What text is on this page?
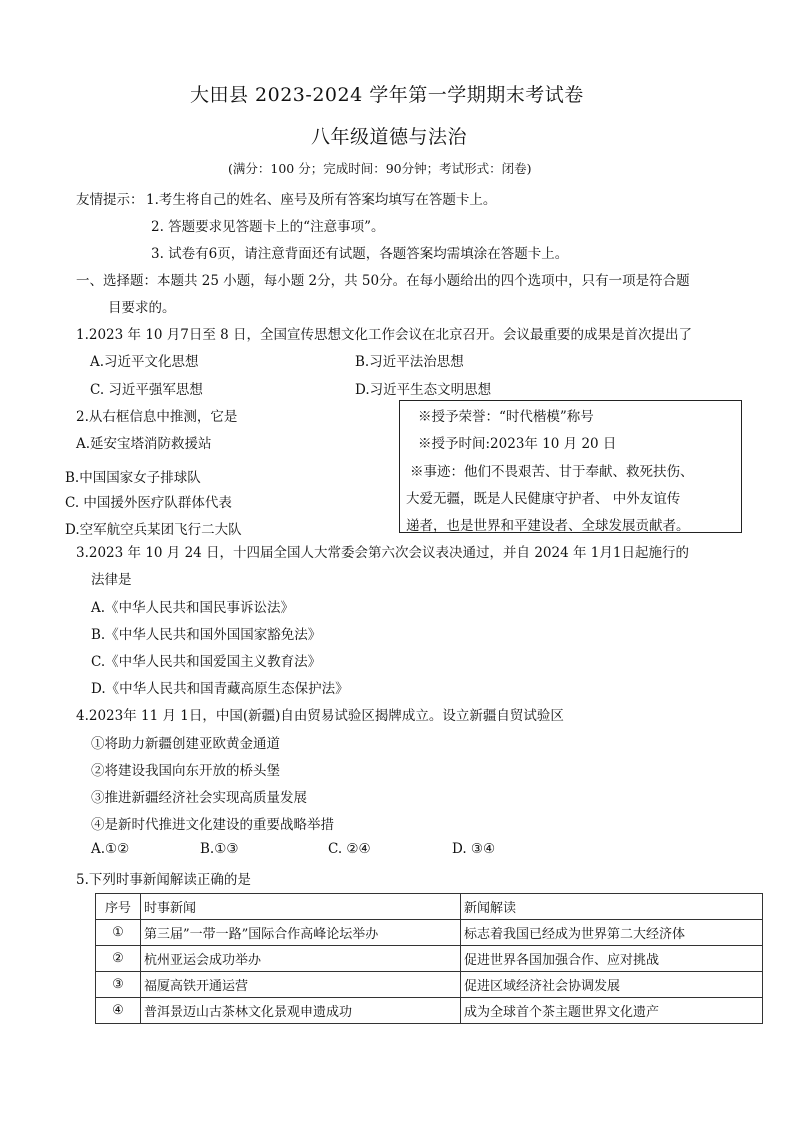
大田县 2023-2024 学年第一学期期末考试卷
八年级道德与法治
(满分：100 分；完成时间：90分钟；考试形式：闭卷)
友情提示： 1.考生将自己的姓名、座号及所有答案均填写在答题卡上。
2. 答题要求见答题卡上的“注意事项”。
3. 试卷有6页，请注意背面还有试题，各题答案均需填涂在答题卡上。
一、选择题：本题共 25 小题，每小题 2分，共 50分。在每小题给出的四个选项中，只有一项是符合题
目要求的。
1.2023 年 10 月7日至 8 日，全国宣传思想文化工作会议在北京召开。会议最重要的成果是首次提出了
A.习近平文化思想	B.习近平法治思想
C. 习近平强军思想	D.习近平生态文明思想
2.从右框信息中推测，它是
A.延安宝塔消防救援站
B.中国国家女子排球队
C. 中国援外医疗队群体代表
D.空军航空兵某团飞行二大队
※授予荣誉：“时代楷模”称号
※授予时间:2023年 10 月 20 日
※事迹：他们不畏艰苦、甘于奉献、救死扶伤、
大爱无疆，既是人民健康守护者、 中外友谊传
递者，也是世界和平建设者、全球发展贡献者。
3.2023 年 10 月 24 日，十四届全国人大常委会第六次会议表决通过，并自 2024 年 1月1日起施行的
法律是
A.《中华人民共和国民事诉讼法》
B.《中华人民共和国外国国家豁免法》
C.《中华人民共和国爱国主义教育法》
D.《中华人民共和国青藏高原生态保护法》
4.2023年 11 月 1日，中国(新疆)自由贸易试验区揭牌成立。设立新疆自贸试验区
①将助力新疆创建亚欧黄金通道
②将建设我国向东开放的桥头堡
③推进新疆经济社会实现高质量发展
④是新时代推进文化建设的重要战略举措
A.①②	B.①③	C. ②④	D. ③④
5.下列时事新闻解读正确的是
序号	时事新闻	新闻解读
①	第三届”一带一路”国际合作高峰论坛举办	标志着我国已经成为世界第二大经济体
②	杭州亚运会成功举办	促进世界各国加强合作、应对挑战
③	福厦高铁开通运营	促进区域经济社会协调发展
④	普洱景迈山古茶林文化景观申遗成功	成为全球首个茶主题世界文化遗产
